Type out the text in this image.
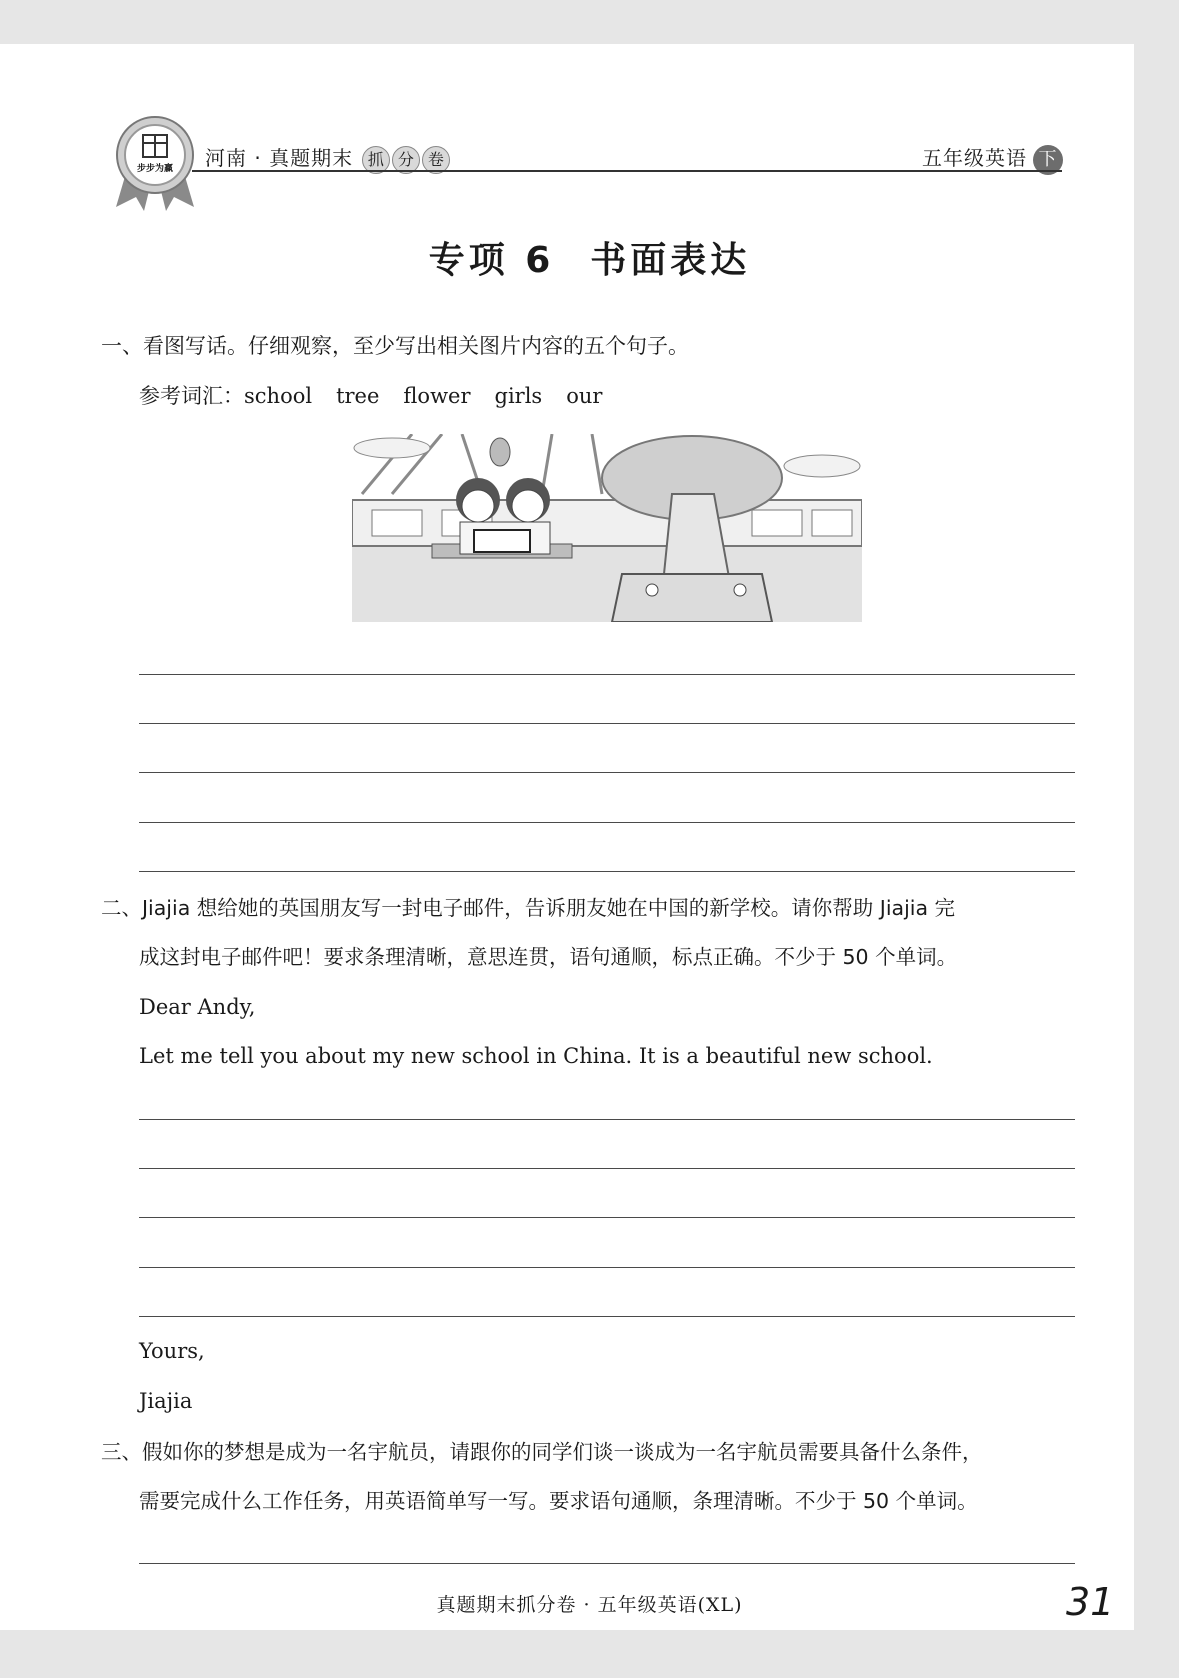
步步为赢	河南 · 真题期末 抓 分 卷	五年级英语 下
专项 6 书面表达
一、看图写话。仔细观察，至少写出相关图片内容的五个句子。
参考词汇：school tree flower girls our
二、Jiajia 想给她的英国朋友写一封电子邮件，告诉朋友她在中国的新学校。请你帮助 Jiajia 完
成这封电子邮件吧！要求条理清晰，意思连贯，语句通顺，标点正确。不少于 50 个单词。
Dear Andy,
Let me tell you about my new school in China. It is a beautiful new school.
Yours,
Jiajia
三、假如你的梦想是成为一名宇航员，请跟你的同学们谈一谈成为一名宇航员需要具备什么条件，
需要完成什么工作任务，用英语简单写一写。要求语句通顺，条理清晰。不少于 50 个单词。
真题期末抓分卷 · 五年级英语(XL)	31
